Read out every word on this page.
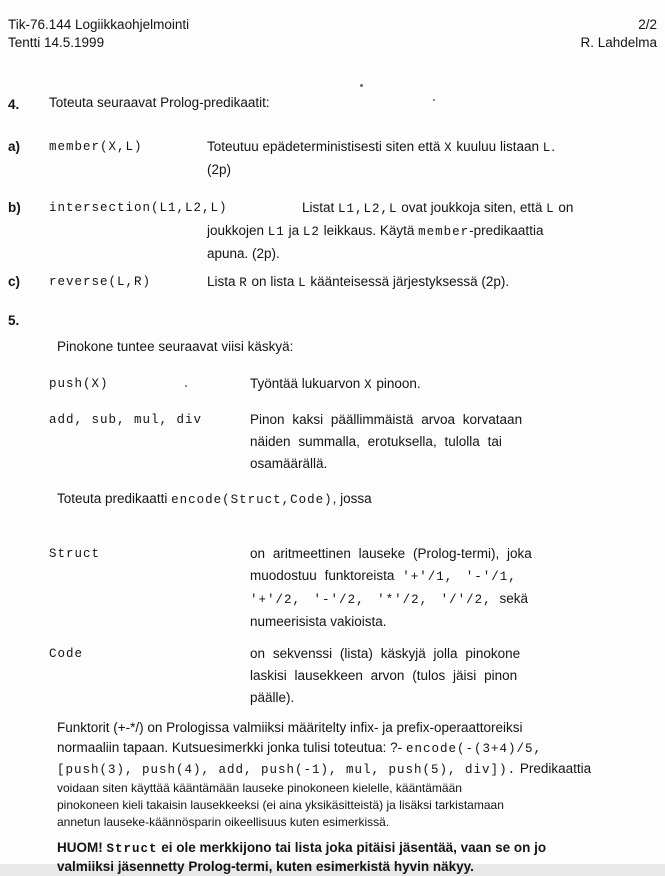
Tik-76.144 Logiikkaohjelmointi
Tentti 14.5.1999
2/2
R. Lahdelma
4.	Toteuta seuraavat Prolog-predikaatit:
a)	member(X,L)	Toteutuu epädeterministisesti siten että X kuuluu listaan L.
(2p)
b)	intersection(L1,L2,L)	Listat L1,L2,L ovat joukkoja siten, että L on
joukkojen L1 ja L2 leikkaus. Käytä member-predikaattia
apuna. (2p).
c)	reverse(L,R)	Lista R on lista L käänteisessä järjestyksessä (2p).
5.
Pinokone tuntee seuraavat viisi käskyä:
push(X)	Työntää lukuarvon X pinoon.
add, sub, mul, div	Pinon kaksi päällimmäistä arvoa korvataan
näiden summalla, erotuksella, tulolla tai
osamäärällä.
Toteuta predikaatti encode(Struct,Code), jossa
Struct	on aritmeettinen lauseke (Prolog-termi), joka
muodostuu funktoreista '+'/1, '-'/1,
'+'/2, '-'/2, '*'/2, '/'/2, sekä
numeerisista vakioista.
Code	on sekvenssi (lista) käskyjä jolla pinokone
laskisi lausekkeen arvon (tulos jäisi pinon
päälle).
Funktorit (+-*/) on Prologissa valmiiksi määritelty infix- ja prefix-operaattoreiksi
normaaliin tapaan. Kutsuesimerkki jonka tulisi toteutua: ?- encode(-(3+4)/5,
[push(3), push(4), add, push(-1), mul, push(5), div]). Predikaattia
voidaan siten käyttää kääntämään lauseke pinokoneen kielelle, kääntämään
pinokoneen kieli takaisin lausekkeeksi (ei aina yksikäsitteistä) ja lisäksi tarkistamaan
annetun lauseke-käännösparin oikeellisuus kuten esimerkissä.
HUOM! Struct ei ole merkkijono tai lista joka pitäisi jäsentää, vaan se on jo
valmiiksi jäsennetty Prolog-termi, kuten esimerkistä hyvin näkyy.
